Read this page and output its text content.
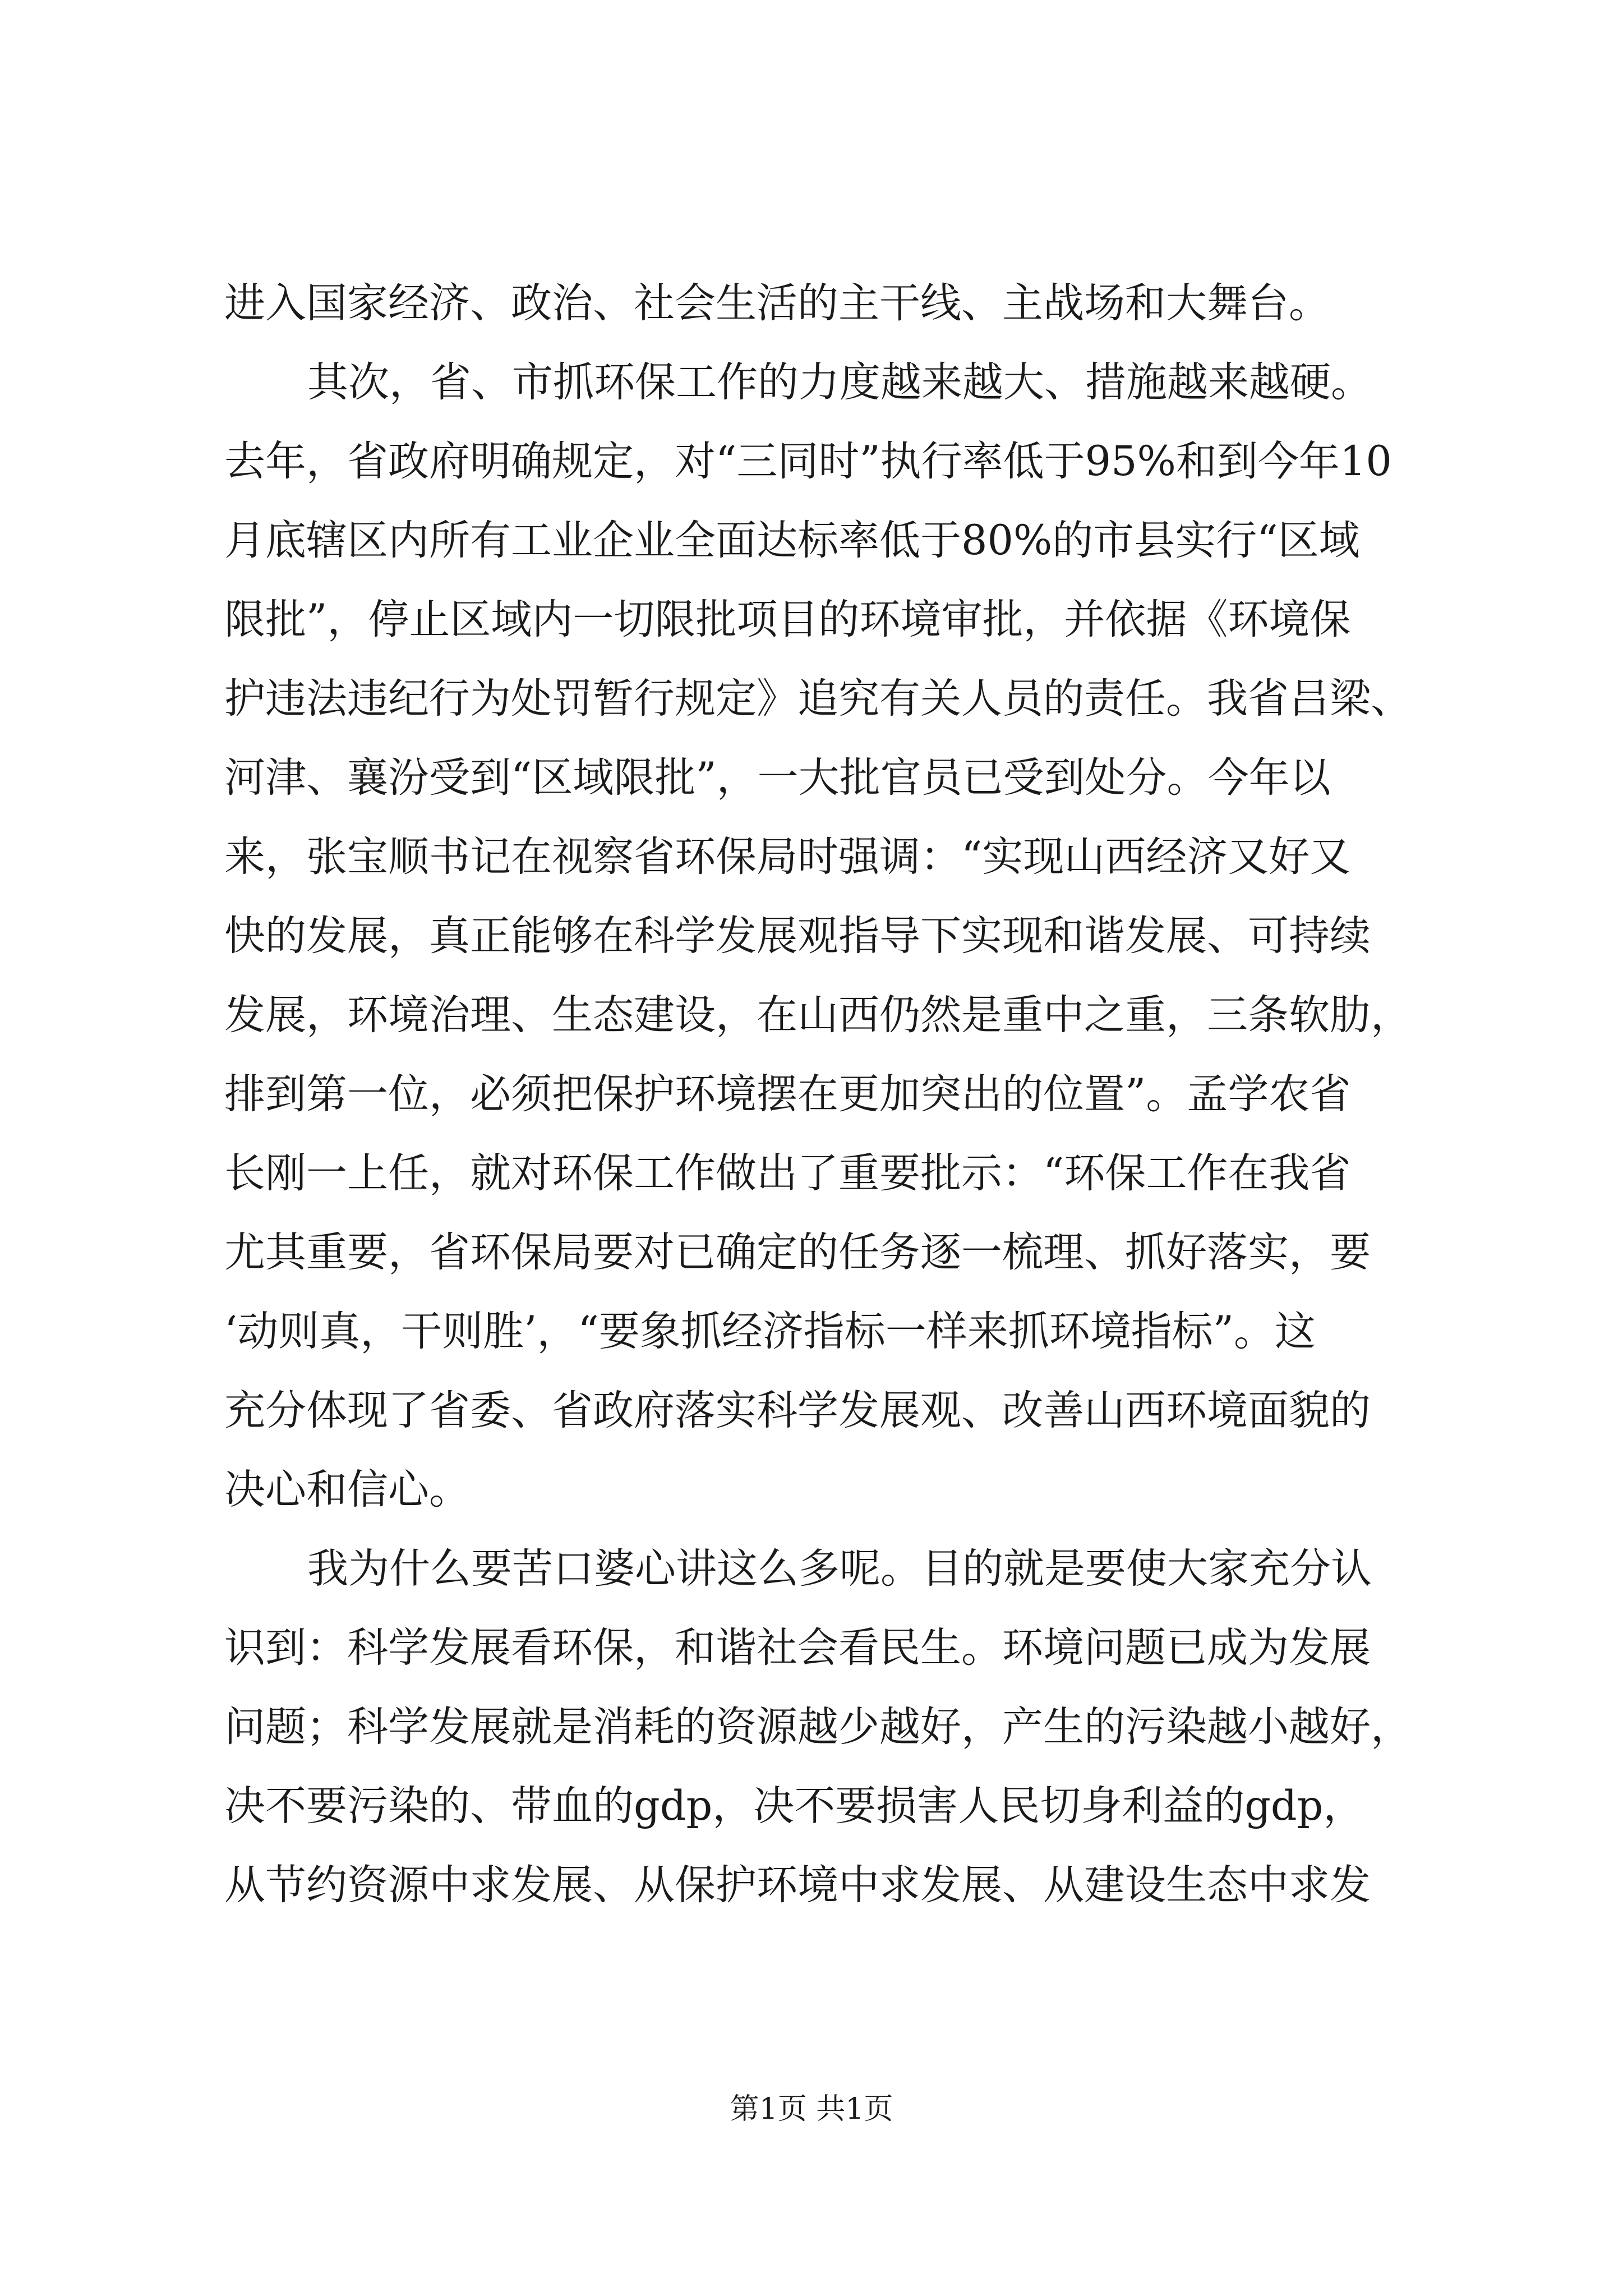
进入国家经济、政治、社会生活的主干线、主战场和大舞台。
其次，省、市抓环保工作的力度越来越大、措施越来越硬。
去年，省政府明确规定，对“三同时”执行率低于95%和到今年10
月底辖区内所有工业企业全面达标率低于80%的市县实行“区域
限批”，停止区域内一切限批项目的环境审批，并依据《环境保
护违法违纪行为处罚暂行规定》追究有关人员的责任。我省吕梁、
河津、襄汾受到“区域限批”，一大批官员已受到处分。今年以
来，张宝顺书记在视察省环保局时强调：“实现山西经济又好又
快的发展，真正能够在科学发展观指导下实现和谐发展、可持续
发展，环境治理、生态建设，在山西仍然是重中之重，三条软肋，
排到第一位，必须把保护环境摆在更加突出的位置”。孟学农省
长刚一上任，就对环保工作做出了重要批示：“环保工作在我省
尤其重要，省环保局要对已确定的任务逐一梳理、抓好落实，要
‘动则真，干则胜’，“要象抓经济指标一样来抓环境指标”。这
充分体现了省委、省政府落实科学发展观、改善山西环境面貌的
决心和信心。
我为什么要苦口婆心讲这么多呢。目的就是要使大家充分认
识到：科学发展看环保，和谐社会看民生。环境问题已成为发展
问题；科学发展就是消耗的资源越少越好，产生的污染越小越好，
决不要污染的、带血的gdp，决不要损害人民切身利益的gdp，
从节约资源中求发展、从保护环境中求发展、从建设生态中求发
第1页 共1页
